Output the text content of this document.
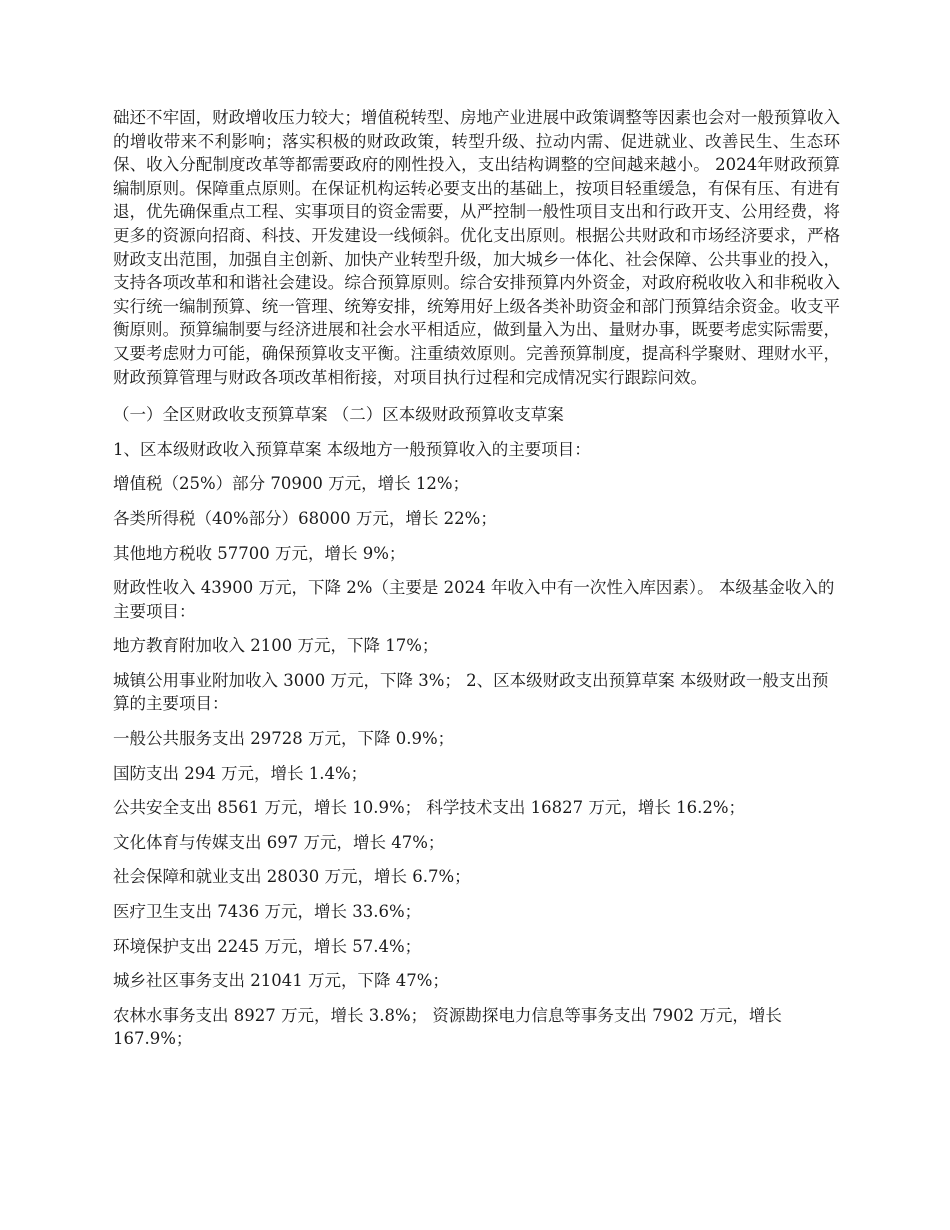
础还不牢固，财政增收压力较大；增值税转型、房地产业进展中政策调整等因素也会对一般预算收入的增收带来不利影响；落实积极的财政政策，转型升级、拉动内需、促进就业、改善民生、生态环保、收入分配制度改革等都需要政府的刚性投入，支出结构调整的空间越来越小。 2024年财政预算编制原则。保障重点原则。在保证机构运转必要支出的基础上，按项目轻重缓急，有保有压、有进有退，优先确保重点工程、实事项目的资金需要，从严控制一般性项目支出和行政开支、公用经费，将更多的资源向招商、科技、开发建设一线倾斜。优化支出原则。根据公共财政和市场经济要求，严格财政支出范围，加强自主创新、加快产业转型升级，加大城乡一体化、社会保障、公共事业的投入，支持各项改革和和谐社会建设。综合预算原则。综合安排预算内外资金，对政府税收收入和非税收入实行统一编制预算、统一管理、统筹安排，统筹用好上级各类补助资金和部门预算结余资金。收支平衡原则。预算编制要与经济进展和社会水平相适应，做到量入为出、量财办事，既要考虑实际需要，又要考虑财力可能，确保预算收支平衡。注重绩效原则。完善预算制度，提高科学聚财、理财水平，财政预算管理与财政各项改革相衔接，对项目执行过程和完成情况实行跟踪问效。

（一）全区财政收支预算草案 （二）区本级财政预算收支草案

1、区本级财政收入预算草案 本级地方一般预算收入的主要项目：

增值税（25%）部分 70900 万元，增长 12%；

各类所得税（40%部分）68000 万元，增长 22%；

其他地方税收 57700 万元，增长 9%；

财政性收入 43900 万元，下降 2%（主要是 2024 年收入中有一次性入库因素）。 本级基金收入的主要项目：

地方教育附加收入 2100 万元，下降 17%；

城镇公用事业附加收入 3000 万元，下降 3%； 2、区本级财政支出预算草案 本级财政一般支出预算的主要项目：

一般公共服务支出 29728 万元，下降 0.9%；

国防支出 294 万元，增长 1.4%；

公共安全支出 8561 万元，增长 10.9%； 科学技术支出 16827 万元，增长 16.2%；

文化体育与传媒支出 697 万元，增长 47%；

社会保障和就业支出 28030 万元，增长 6.7%；

医疗卫生支出 7436 万元，增长 33.6%；

环境保护支出 2245 万元，增长 57.4%；

城乡社区事务支出 21041 万元，下降 47%；

农林水事务支出 8927 万元，增长 3.8%； 资源勘探电力信息等事务支出 7902 万元，增长 167.9%；
